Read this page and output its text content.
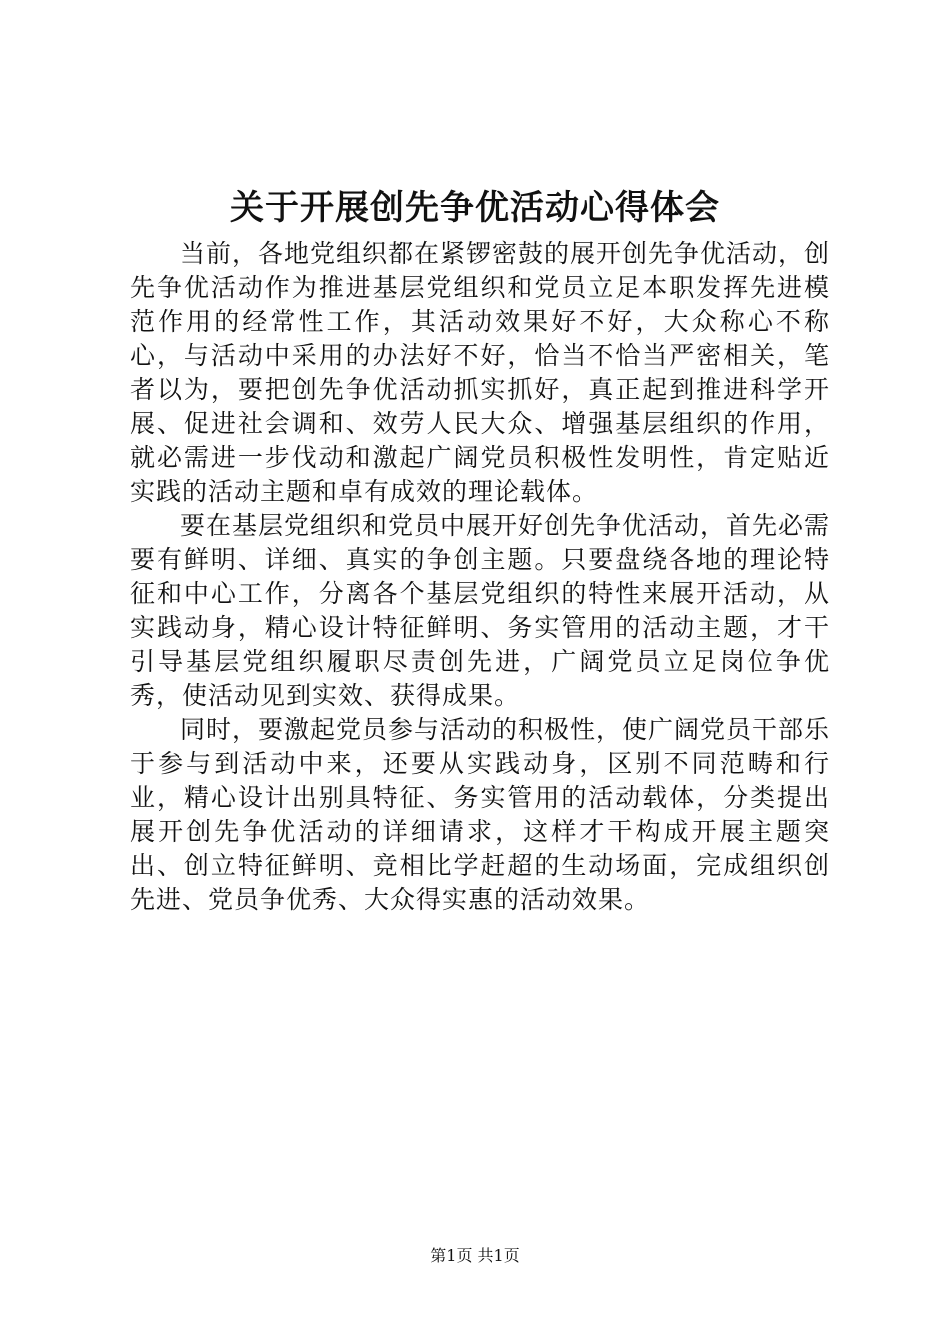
关于开展创先争优活动心得体会

当前，各地党组织都在紧锣密鼓的展开创先争优活动，创先争优活动作为推进基层党组织和党员立足本职发挥先进模范作用的经常性工作，其活动效果好不好，大众称心不称心，与活动中采用的办法好不好，恰当不恰当严密相关，笔者以为，要把创先争优活动抓实抓好，真正起到推进科学开展、促进社会调和、效劳人民大众、增强基层组织的作用，就必需进一步伐动和激起广阔党员积极性发明性，肯定贴近实践的活动主题和卓有成效的理论载体。

要在基层党组织和党员中展开好创先争优活动，首先必需要有鲜明、详细、真实的争创主题。只要盘绕各地的理论特征和中心工作，分离各个基层党组织的特性来展开活动，从实践动身，精心设计特征鲜明、务实管用的活动主题，才干引导基层党组织履职尽责创先进，广阔党员立足岗位争优秀，使活动见到实效、获得成果。

同时，要激起党员参与活动的积极性，使广阔党员干部乐于参与到活动中来，还要从实践动身，区别不同范畴和行业，精心设计出别具特征、务实管用的活动载体，分类提出展开创先争优活动的详细请求，这样才干构成开展主题突出、创立特征鲜明、竞相比学赶超的生动场面，完成组织创先进、党员争优秀、大众得实惠的活动效果。

第1页 共1页
